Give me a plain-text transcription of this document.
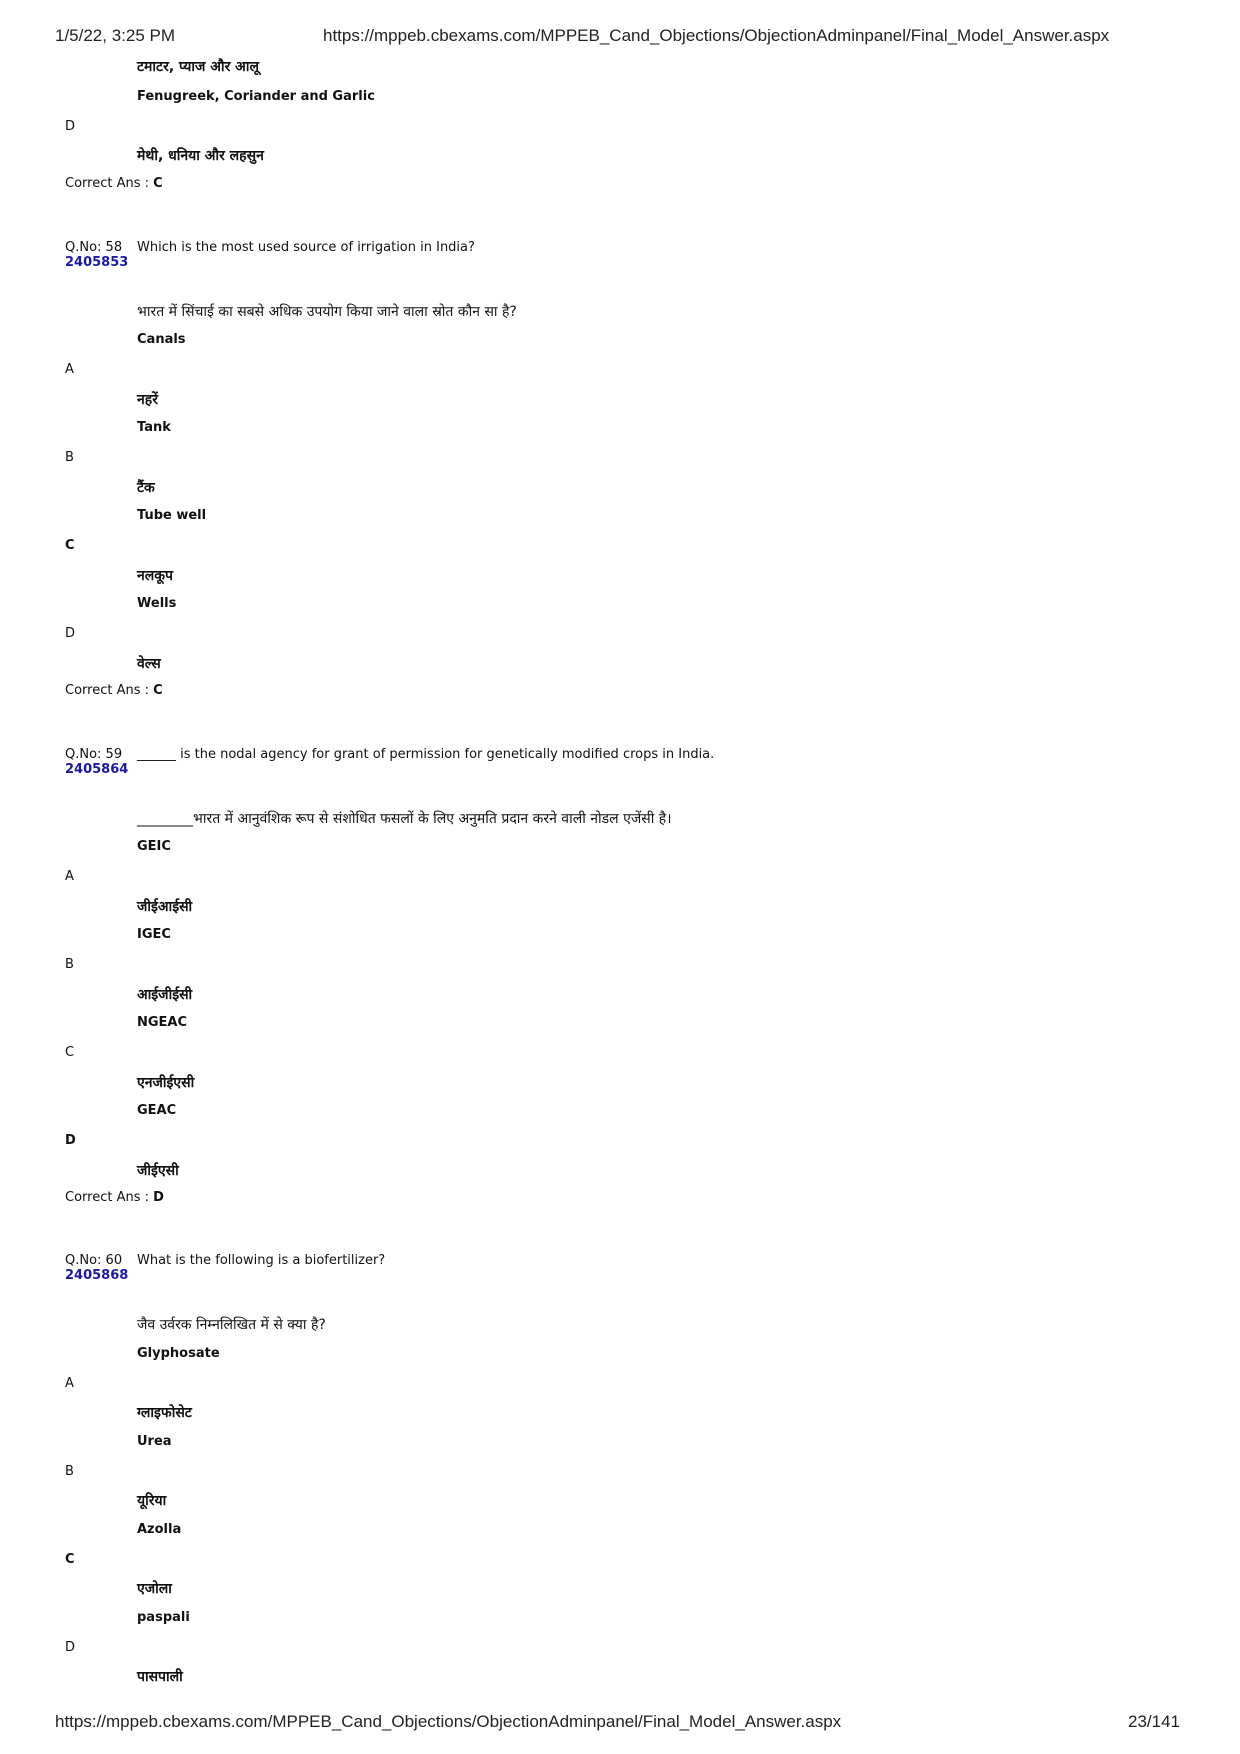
1/5/22, 3:25 PM	https://mppeb.cbexams.com/MPPEB_Cand_Objections/ObjectionAdminpanel/Final_Model_Answer.aspx
टमाटर, प्याज और आलू
Fenugreek, Coriander and Garlic
D
मेथी, धनिया और लहसुन
Correct Ans : C
Q.No: 58
2405853
Which is the most used source of irrigation in India?
भारत में सिंचाई का सबसे अधिक उपयोग किया जाने वाला स्रोत कौन सा है?
Canals
A
नहरें
Tank
B
टैंक
Tube well
C
नलकूप
Wells
D
वेल्स
Correct Ans : C
Q.No: 59
2405864
______ is the nodal agency for grant of permission for genetically modified crops in India.
________भारत में आनुवंशिक रूप से संशोधित फसलों के लिए अनुमति प्रदान करने वाली नोडल एजेंसी है।
GEIC
A
जीईआईसी
IGEC
B
आईजीईसी
NGEAC
C
एनजीईएसी
GEAC
D
जीईएसी
Correct Ans : D
Q.No: 60
2405868
What is the following is a biofertilizer?
जैव उर्वरक निम्नलिखित में से क्या है?
Glyphosate
A
ग्लाइफोसेट
Urea
B
यूरिया
Azolla
C
एजोला
paspali
D
पासपाली
https://mppeb.cbexams.com/MPPEB_Cand_Objections/ObjectionAdminpanel/Final_Model_Answer.aspx	23/141
